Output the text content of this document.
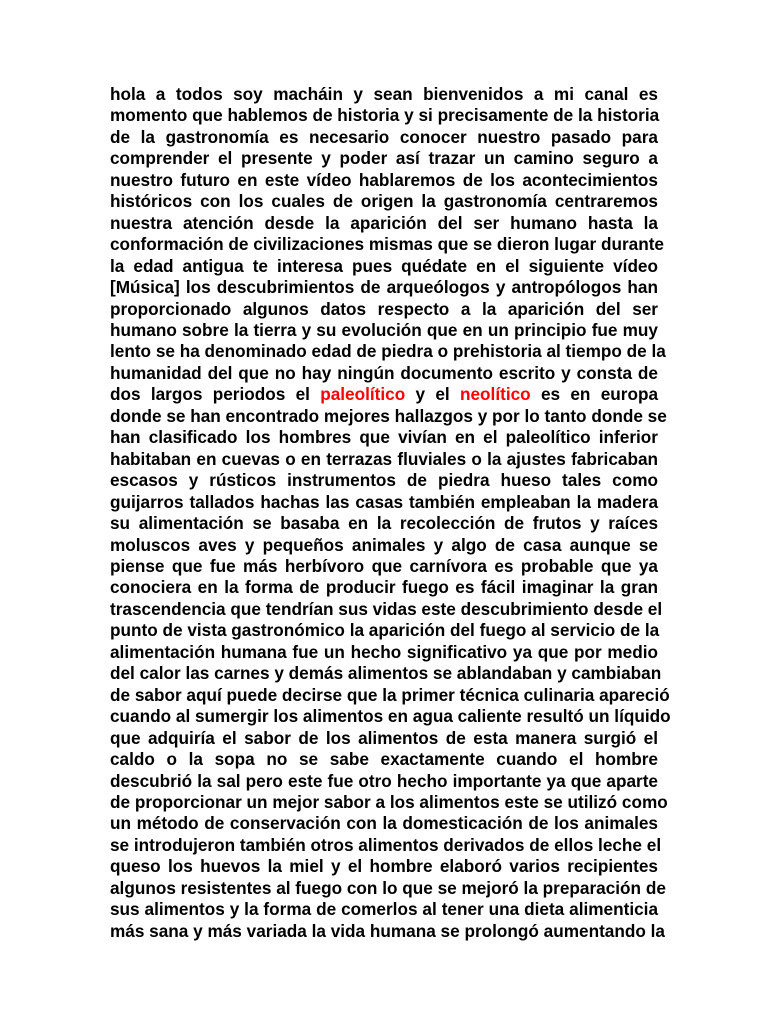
hola a todos soy macháin y sean bienvenidos a mi canal es
momento que hablemos de historia y si precisamente de la historia
de la gastronomía es necesario conocer nuestro pasado para
comprender el presente y poder así trazar un camino seguro a
nuestro futuro en este vídeo hablaremos de los acontecimientos
históricos con los cuales de origen la gastronomía centraremos
nuestra atención desde la aparición del ser humano hasta la
conformación de civilizaciones mismas que se dieron lugar durante
la edad antigua te interesa pues quédate en el siguiente vídeo
[Música] los descubrimientos de arqueólogos y antropólogos han
proporcionado algunos datos respecto a la aparición del ser
humano sobre la tierra y su evolución que en un principio fue muy
lento se ha denominado edad de piedra o prehistoria al tiempo de la
humanidad del que no hay ningún documento escrito y consta de
dos largos periodos el paleolítico y el neolítico es en europa
donde se han encontrado mejores hallazgos y por lo tanto donde se
han clasificado los hombres que vivían en el paleolítico inferior
habitaban en cuevas o en terrazas fluviales o la ajustes fabricaban
escasos y rústicos instrumentos de piedra hueso tales como
guijarros tallados hachas las casas también empleaban la madera
su alimentación se basaba en la recolección de frutos y raíces
moluscos aves y pequeños animales y algo de casa aunque se
piense que fue más herbívoro que carnívora es probable que ya
conociera en la forma de producir fuego es fácil imaginar la gran
trascendencia que tendrían sus vidas este descubrimiento desde el
punto de vista gastronómico la aparición del fuego al servicio de la
alimentación humana fue un hecho significativo ya que por medio
del calor las carnes y demás alimentos se ablandaban y cambiaban
de sabor aquí puede decirse que la primer técnica culinaria apareció
cuando al sumergir los alimentos en agua caliente resultó un líquido
que adquiría el sabor de los alimentos de esta manera surgió el
caldo o la sopa no se sabe exactamente cuando el hombre
descubrió la sal pero este fue otro hecho importante ya que aparte
de proporcionar un mejor sabor a los alimentos este se utilizó como
un método de conservación con la domesticación de los animales
se introdujeron también otros alimentos derivados de ellos leche el
queso los huevos la miel y el hombre elaboró varios recipientes
algunos resistentes al fuego con lo que se mejoró la preparación de
sus alimentos y la forma de comerlos al tener una dieta alimenticia
más sana y más variada la vida humana se prolongó aumentando la
